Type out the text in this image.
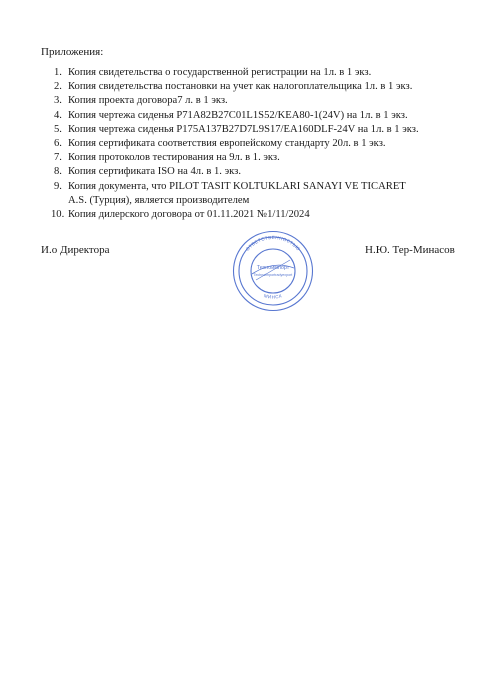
Приложения:
1. Копия свидетельства о государственной регистрации на 1л. в 1 экз.
2. Копия свидетельства постановки на учет как налогоплательщика 1л. в 1 экз.
3. Копия проекта договора7 л. в 1 экз.
4. Копия чертежа сиденья P71A82B27C01L1S52/KEA80-1(24V) на 1л. в 1 экз.
5. Копия чертежа сиденья P175A137B27D7L9S17/EA160DLF-24V на 1л. в 1 экз.
6. Копия сертификата соответствия европейскому стандарту 20л. в 1 экз.
7. Копия протоколов тестирования на 9л. в 1. экз.
8. Копия сертификата ISO на 4л. в 1. экз.
9. Копия документа, что PILOT TASIT KOLTUKLARI SANAYI VE TICARET
A.S. (Турция), является производителем
10. Копия дилерского договора от 01.11.2021 №1/11/2024
И.о Директора	ОТВЕТСТВЕННОСТЬЮ
МИНСК
Техноимпорт
Technoimportradyexport
Н.Ю. Тер-Минасов
